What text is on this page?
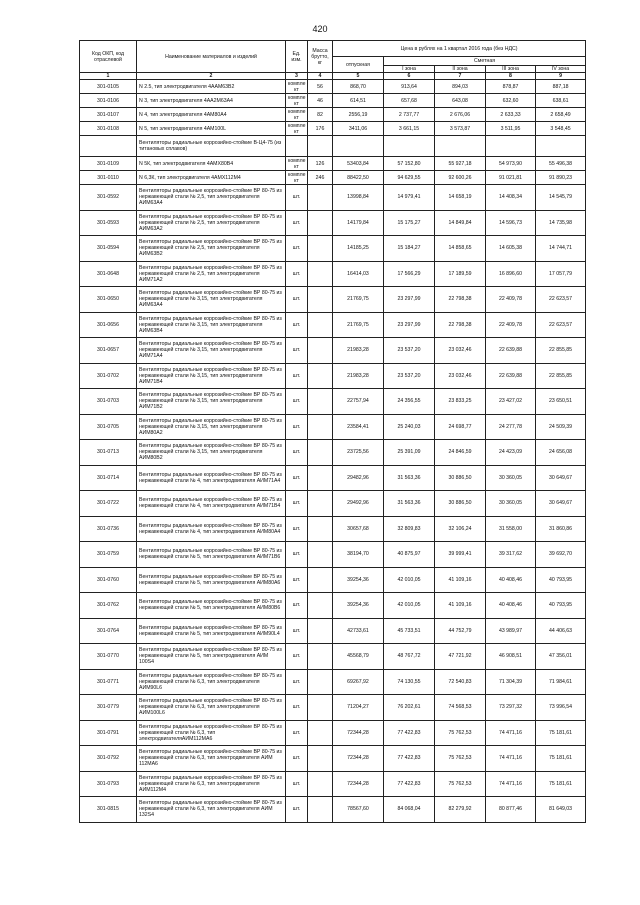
420
Код ОКП, код отраслевой	Наименование материалов и изделий	Ед. изм.	Масса брутто, кг	Цена в рублях на 1 квартал 2016 года (без НДС)				
				отпускная	Сметная			
					I зона	II зона	III зона	IV зона
1	2	3	4	5	6	7	8	9
301-0105	N 2.5, тип электродвигателя 4ААМ63В2	компле кт	56	868,70	913,64	894,03	878,87	887,18
301-0106	N 3, тип электродвигателя 4АА2М63А4	компле кт	46	614,51	657,68	643,08	632,60	638,61
301-0107	N 4, тип электродвигателя 4АМ80А4	компле кт	82	2556,19	2 737,77	2 676,06	2 633,33	2 658,49
301-0108	N 5, тип электродвигателя 4АМ100L	компле кт	176	3411,06	3 661,15	3 573,87	3 511,95	3 548,45
	Вентиляторы радиальные коррозийно-стойкие В-Ц4-75 (из титановых сплавов)							
301-0109	N 5К, тип электродвигателя 4АМХ80В4	компле кт	126	53403,84	57 152,80	55 927,18	54 973,90	55 496,38
301-0110	N 6,3К, тип электродвигателя 4АМХ112М4	компле кт	246	88422,50	94 629,55	92 600,26	91 021,81	91 890,23
301-0592	Вентиляторы радиальные коррозийно-стойкие ВР 80-75 из нержавеющей стали № 2,5, тип электродвигателя АИМ63А4	шт.		13998,84	14 979,41	14 658,19	14 408,34	14 545,79
301-0593	Вентиляторы радиальные коррозийно-стойкие ВР 80-75 из нержавеющей стали № 2,5, тип электродвигателя АИМ63А2	шт.		14179,84	15 175,27	14 849,84	14 596,73	14 735,98
301-0594	Вентиляторы радиальные коррозийно-стойкие ВР 80-75 из нержавеющей стали № 2,5, тип электродвигателя АИМ63В2	шт.		14185,25	15 184,27	14 858,65	14 605,38	14 744,71
301-0648	Вентиляторы радиальные коррозийно-стойкие ВР 80-75 из нержавеющей стали № 2,5, тип электродвигателя АИМ71А2	шт.		16414,03	17 566,29	17 189,59	16 896,60	17 057,79
301-0650	Вентиляторы радиальные коррозийно-стойкие ВР 80-75 из нержавеющей стали № 3,15, тип электродвигателя АИМ63А4	шт.		21769,75	23 297,99	22 798,38	22 409,78	22 623,57
301-0656	Вентиляторы радиальные коррозийно-стойкие ВР 80-75 из нержавеющей стали № 3,15, тип электродвигателя АИМ63В4	шт.		21769,75	23 297,99	22 798,38	22 409,78	22 623,57
301-0657	Вентиляторы радиальные коррозийно-стойкие ВР 80-75 из нержавеющей стали № 3,15, тип электродвигателя АИМ71А4	шт.		21983,28	23 537,20	23 032,46	22 639,88	22 855,85
301-0702	Вентиляторы радиальные коррозийно-стойкие ВР 80-75 из нержавеющей стали № 3,15, тип электродвигателя АИМ71В4	шт.		21983,28	23 537,20	23 032,46	22 639,88	22 855,85
301-0703	Вентиляторы радиальные коррозийно-стойкие ВР 80-75 из нержавеющей стали № 3,15, тип электродвигателя АИМ71В2	шт.		22757,94	24 356,55	23 833,25	23 427,02	23 650,51
301-0705	Вентиляторы радиальные коррозийно-стойкие ВР 80-75 из нержавеющей стали № 3,15, тип электродвигателя АИМ80А2	шт.		23584,41	25 240,03	24 698,77	24 277,78	24 509,39
301-0713	Вентиляторы радиальные коррозийно-стойкие ВР 80-75 из нержавеющей стали № 3,15, тип электродвигателя АИМ80В2	шт.		23725,56	25 391,09	24 846,59	24 423,09	24 656,08
301-0714	Вентиляторы радиальные коррозийно-стойкие ВР 80-75 из нержавеющей стали № 4, тип электродвигателя АИМ71А4	шт.		29482,96	31 563,36	30 886,50	30 360,05	30 649,67
301-0722	Вентиляторы радиальные коррозийно-стойкие ВР 80-75 из нержавеющей стали № 4, тип электродвигателя АИМ71В4	шт.		29492,96	31 563,36	30 886,50	30 360,05	30 649,67
301-0736	Вентиляторы радиальные коррозийно-стойкие ВР 80-75 из нержавеющей стали № 4, тип электродвигателя АИМ80А4	шт.		30657,68	32 809,83	32 106,24	31 558,00	31 860,86
301-0759	Вентиляторы радиальные коррозийно-стойкие ВР 80-75 из нержавеющей стали № 5, тип электродвигателя АИМ71В6	шт.		38194,70	40 875,97	39 999,41	39 317,62	39 692,70
301-0760	Вентиляторы радиальные коррозийно-стойкие ВР 80-75 из нержавеющей стали № 5, тип электродвигателя АИМ80А6	шт.		39254,36	42 010,05	41 109,16	40 408,46	40 793,95
301-0762	Вентиляторы радиальные коррозийно-стойкие ВР 80-75 из нержавеющей стали № 5, тип электродвигателя АИМ80В6	шт.		39254,36	42 010,05	41 109,16	40 408,46	40 793,95
301-0764	Вентиляторы радиальные коррозийно-стойкие ВР 80-75 из нержавеющей стали № 5, тип электродвигателя АИМ90L4	шт.		42733,61	45 733,51	44 752,79	43 989,97	44 406,63
301-0770	Вентиляторы радиальные коррозийно-стойкие ВР 80-75 из нержавеющей стали № 5, тип электродвигателя АИМ 100S4	шт.		45568,79	48 767,72	47 721,92	46 908,51	47 356,01
301-0771	Вентиляторы радиальные коррозийно-стойкие ВР 80-75 из нержавеющей стали № 6,3, тип электродвигателя АИМ90L6	шт.		69267,92	74 130,55	72 540,83	71 304,39	71 984,61
301-0779	Вентиляторы радиальные коррозийно-стойкие ВР 80-75 из нержавеющей стали № 6,3, тип электродвигателя АИМ100L6	шт.		71204,27	76 202,61	74 568,53	73 297,32	73 996,54
301-0791	Вентиляторы радиальные коррозийно-стойкие ВР 80-75 из нержавеющей стали № 6,3, тип электродвигателяАИМ112МА6	шт.		72344,28	77 422,83	75 762,53	74 471,16	75 181,61
301-0792	Вентиляторы радиальные коррозийно-стойкие ВР 80-75 из нержавеющей стали № 6,3, тип электродвигателя АИМ 112МА6	шт.		72344,28	77 422,83	75 762,53	74 471,16	75 181,61
301-0793	Вентиляторы радиальные коррозийно-стойкие ВР 80-75 из нержавеющей стали № 6,3, тип электродвигателя АИМ112М4	шт.		72344,28	77 422,83	75 762,53	74 471,16	75 181,61
301-0815	Вентиляторы радиальные коррозийно-стойкие ВР 80-75 из нержавеющей стали № 6,3, тип электродвигателя АИМ 132S4	шт.		78567,60	84 068,04	82 279,92	80 877,46	81 649,03
